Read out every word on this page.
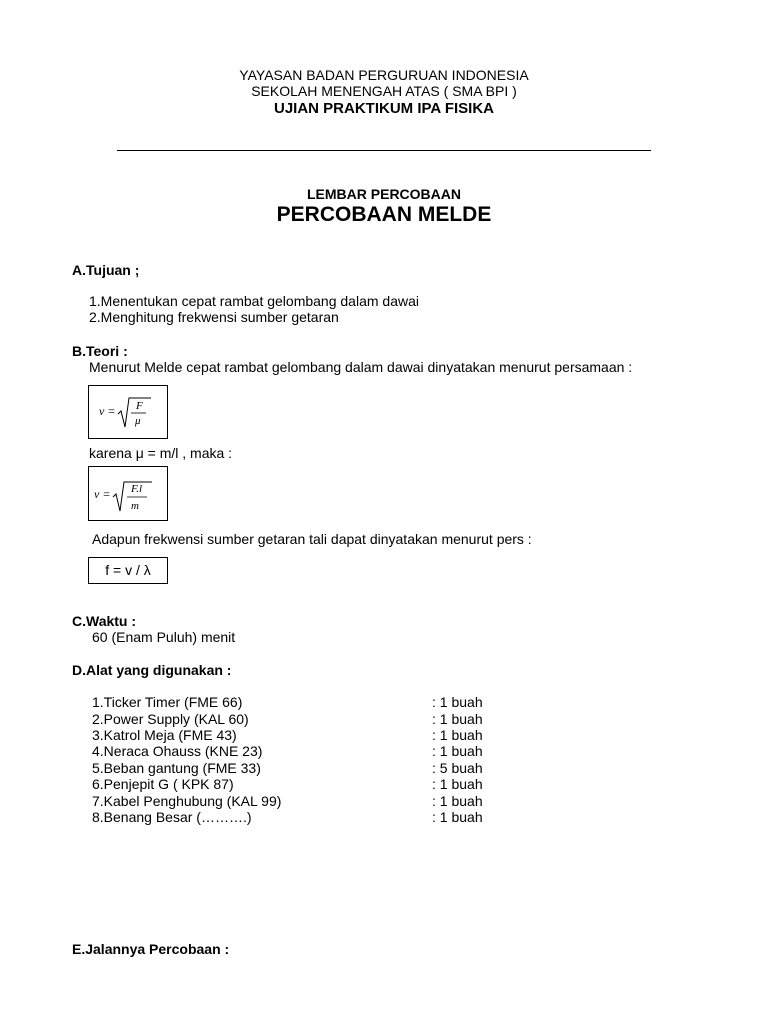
YAYASAN BADAN PERGURUAN INDONESIA
SEKOLAH MENENGAH ATAS ( SMA BPI )
UJIAN PRAKTIKUM IPA FISIKA
LEMBAR PERCOBAAN
PERCOBAAN MELDE
A.Tujuan ;
1.Menentukan cepat rambat gelombang dalam dawai
2.Menghitung frekwensi sumber getaran
B.Teori :
Menurut Melde cepat rambat gelombang dalam dawai dinyatakan menurut persamaan :
v = F
μ
karena μ = m/l , maka :
v = F.l
m
Adapun frekwensi sumber getaran tali dapat dinyatakan menurut pers :
f = v / λ
C.Waktu :
60 (Enam Puluh) menit
D.Alat yang digunakan :
1.Ticker Timer (FME 66)	: 1 buah
2.Power Supply (KAL 60)	: 1 buah
3.Katrol Meja (FME 43)	: 1 buah
4.Neraca Ohauss (KNE 23)	: 1 buah
5.Beban gantung (FME 33)	: 5 buah
6.Penjepit G ( KPK 87)	: 1 buah
7.Kabel Penghubung (KAL 99)	: 1 buah
8.Benang Besar (……….)	: 1 buah
E.Jalannya Percobaan :
